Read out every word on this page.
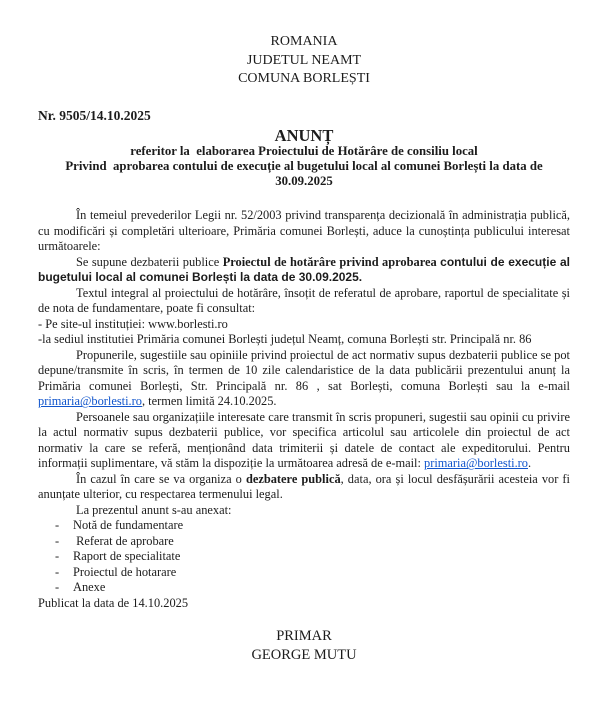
ROMANIA
JUDETUL NEAMT
COMUNA BORLEȘTI
Nr. 9505/14.10.2025
ANUNȚ
referitor la  elaborarea Proiectului de Hotărâre de consiliu local
Privind  aprobarea contului de execuție al bugetului local al comunei Borlești la data de
30.09.2025

În temeiul prevederilor Legii nr. 52/2003 privind transparența decizională în administrația publică, cu modificări și completări ulterioare, Primăria comunei Borlești, aduce la cunoștința publicului interesat următoarele:

Se supune dezbaterii publice Proiectul de hotărâre privind aprobarea contului de execuție al bugetului local al comunei Borlești la data de 30.09.2025.

Textul integral al proiectului de hotărâre, însoțit de referatul de aprobare, raportul de specialitate și de nota de fundamentare, poate fi consultat:

- Pe site-ul instituției: www.borlesti.ro

-la sediul institutiei Primăria comunei Borlești județul Neamț, comuna Borlești str. Principală nr. 86

Propunerile, sugestiile sau opiniile privind proiectul de act normativ supus dezbaterii publice se pot depune/transmite în scris, în termen de 10 zile calendaristice de la data publicării prezentului anunț la Primăria comunei Borlești, Str. Principală nr. 86 , sat Borlești, comuna Borlești sau la e-mail primaria@borlesti.ro, termen limită 24.10.2025.

Persoanele sau organizațiile interesate care transmit în scris propuneri, sugestii sau opinii cu privire la actul normativ supus dezbaterii publice, vor specifica articolul sau articolele din proiectul de act normativ la care se referă, menționând data trimiterii și datele de contact ale expeditorului. Pentru informații suplimentare, vă stăm la dispoziție la următoarea adresă de e-mail: primaria@borlesti.ro.

În cazul în care se va organiza o dezbatere publică, data, ora și locul desfășurării acesteia vor fi anunțate ulterior, cu respectarea termenului legal.

La prezentul anunt s-au anexat:

-	Notă de fundamentare
-	Referat de aprobare
-	Raport de specialitate
-	Proiectul de hotarare
-	Anexe

Publicat la data de 14.10.2025

PRIMAR
GEORGE MUTU
